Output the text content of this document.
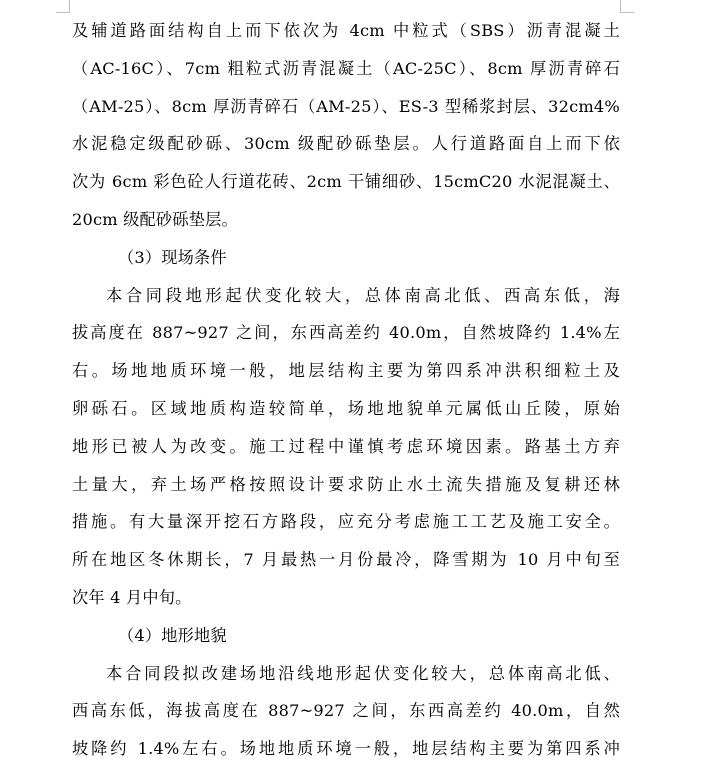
及辅道路面结构自上而下依次为 4cm 中粒式（SBS）沥青混凝土
（AC-16C）、7cm 粗粒式沥青混凝土（AC-25C）、8cm 厚沥青碎石
（AM-25）、8cm 厚沥青碎石（AM-25）、ES-3 型稀浆封层、32cm4%
水泥稳定级配砂砾、30cm 级配砂砾垫层。人行道路面自上而下依
次为 6cm 彩色砼人行道花砖、2cm 干铺细砂、15cmC20 水泥混凝土、
20cm 级配砂砾垫层。
（3）现场条件
本合同段地形起伏变化较大，总体南高北低、西高东低，海
拔高度在 887~927 之间，东西高差约 40.0m，自然坡降约 1.4%左
右。场地地质环境一般，地层结构主要为第四系冲洪积细粒土及
卵砾石。区域地质构造较简单，场地地貌单元属低山丘陵，原始
地形已被人为改变。施工过程中谨慎考虑环境因素。路基土方弃
土量大，弃土场严格按照设计要求防止水土流失措施及复耕还林
措施。有大量深开挖石方路段，应充分考虑施工工艺及施工安全。
所在地区冬休期长，7 月最热一月份最冷，降雪期为 10 月中旬至
次年 4 月中旬。
（4）地形地貌
本合同段拟改建场地沿线地形起伏变化较大，总体南高北低、
西高东低，海拔高度在 887~927 之间，东西高差约 40.0m，自然
坡降约 1.4%左右。场地地质环境一般，地层结构主要为第四系冲
